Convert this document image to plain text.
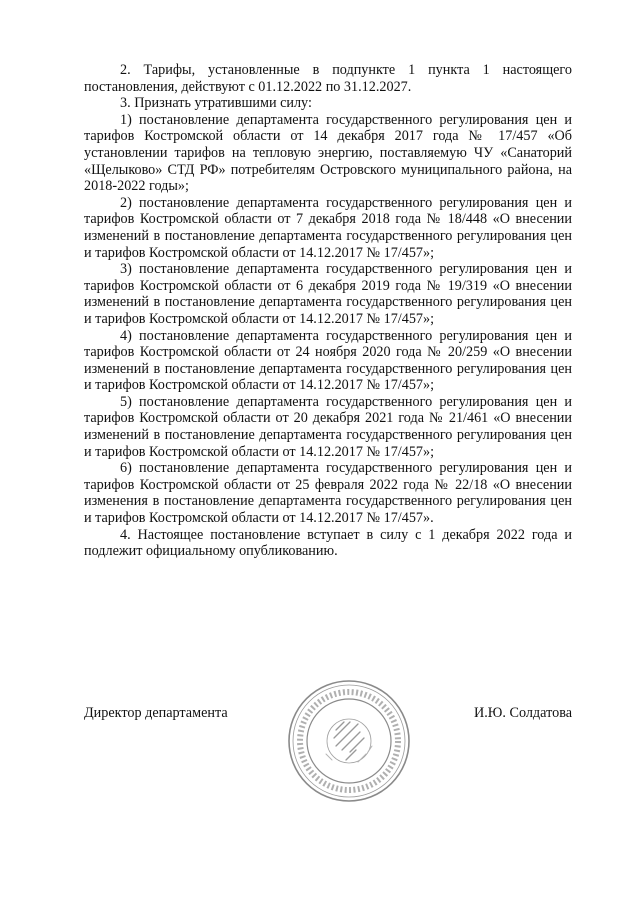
2. Тарифы, установленные в подпункте 1 пункта 1 настоящего постановления, действуют с 01.12.2022 по 31.12.2027.

3. Признать утратившими силу:

1) постановление департамента государственного регулирования цен и тарифов Костромской области от 14 декабря 2017 года № 17/457 «Об установлении тарифов на тепловую энергию, поставляемую ЧУ «Санаторий «Щелыково» СТД РФ» потребителям Островского муниципального района, на 2018-2022 годы»;

2) постановление департамента государственного регулирования цен и тарифов Костромской области от 7 декабря 2018 года № 18/448 «О внесении изменений в постановление департамента государственного регулирования цен и тарифов Костромской области от 14.12.2017 № 17/457»;

3) постановление департамента государственного регулирования цен и тарифов Костромской области от 6 декабря 2019 года № 19/319 «О внесении изменений в постановление департамента государственного регулирования цен и тарифов Костромской области от 14.12.2017 № 17/457»;

4) постановление департамента государственного регулирования цен и тарифов Костромской области от 24 ноября 2020 года № 20/259 «О внесении изменений в постановление департамента государственного регулирования цен и тарифов Костромской области от 14.12.2017 № 17/457»;

5) постановление департамента государственного регулирования цен и тарифов Костромской области от 20 декабря 2021 года № 21/461 «О внесении изменений в постановление департамента государственного регулирования цен и тарифов Костромской области от 14.12.2017 № 17/457»;

6) постановление департамента государственного регулирования цен и тарифов Костромской области от 25 февраля 2022 года № 22/18 «О внесении изменения в постановление департамента государственного регулирования цен и тарифов Костромской области от 14.12.2017 № 17/457».

4. Настоящее постановление вступает в силу с 1 декабря 2022 года и подлежит официальному опубликованию.

Директор департамента	И.Ю. Солдатова
